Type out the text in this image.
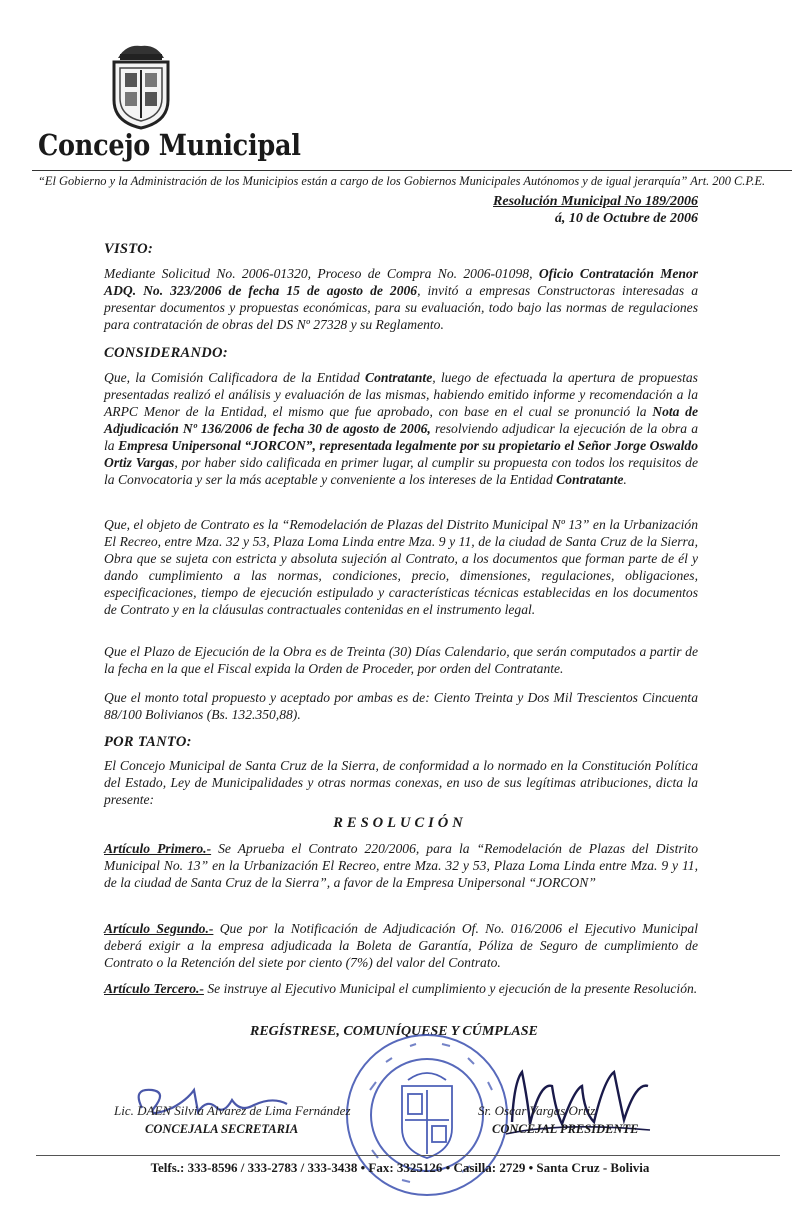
Concejo Municipal
“El Gobierno y la Administración de los Municipios están a cargo de los Gobiernos Municipales Autónomos y de igual jerarquía” Art. 200 C.P.E.
Resolución Municipal No 189/2006
á, 10 de Octubre de 2006
VISTO:
Mediante Solicitud No. 2006-01320, Proceso de Compra No. 2006-01098, Oficio Contratación Menor ADQ. No. 323/2006 de fecha 15 de agosto de 2006, invitó a empresas Constructoras interesadas a presentar documentos y propuestas económicas, para su evaluación, todo bajo las normas de regulaciones para contratación de obras del DS Nº 27328 y su Reglamento.
CONSIDERANDO:
Que, la Comisión Calificadora de la Entidad Contratante, luego de efectuada la apertura de propuestas presentadas realizó el análisis y evaluación de las mismas, habiendo emitido informe y recomendación a la ARPC Menor de la Entidad, el mismo que fue aprobado, con base en el cual se pronunció la Nota de Adjudicación Nº 136/2006 de fecha 30 de agosto de 2006, resolviendo adjudicar la ejecución de la obra a la Empresa Unipersonal “JORCON”, representada legalmente por su propietario el Señor Jorge Oswaldo Ortiz Vargas, por haber sido calificada en primer lugar, al cumplir su propuesta con todos los requisitos de la Convocatoria y ser la más aceptable y conveniente a los intereses de la Entidad Contratante.
Que, el objeto de Contrato es la “Remodelación de Plazas del Distrito Municipal Nº 13” en la Urbanización El Recreo, entre Mza. 32 y 53, Plaza Loma Linda entre Mza. 9 y 11, de la ciudad de Santa Cruz de la Sierra, Obra que se sujeta con estricta y absoluta sujeción al Contrato, a los documentos que forman parte de él y dando cumplimiento a las normas, condiciones, precio, dimensiones, regulaciones, obligaciones, especificaciones, tiempo de ejecución estipulado y características técnicas establecidas en los documentos de Contrato y en la cláusulas contractuales contenidas en el instrumento legal.
Que el Plazo de Ejecución de la Obra es de Treinta (30) Días Calendario, que serán computados a partir de la fecha en la que el Fiscal expida la Orden de Proceder, por orden del Contratante.
Que el monto total propuesto y aceptado por ambas es de: Ciento Treinta y Dos Mil Trescientos Cincuenta 88/100 Bolivianos (Bs. 132.350,88).
POR TANTO:
El Concejo Municipal de Santa Cruz de la Sierra, de conformidad a lo normado en la Constitución Política del Estado, Ley de Municipalidades y otras normas conexas, en uso de sus legítimas atribuciones, dicta la presente:
RESOLUCIÓN
Artículo Primero.- Se Aprueba el Contrato 220/2006, para la “Remodelación de Plazas del Distrito Municipal No. 13” en la Urbanización El Recreo, entre Mza. 32 y 53, Plaza Loma Linda entre Mza. 9 y 11, de la ciudad de Santa Cruz de la Sierra”, a favor de la Empresa Unipersonal “JORCON”
Artículo Segundo.- Que por la Notificación de Adjudicación Of. No. 016/2006 el Ejecutivo Municipal deberá exigir a la empresa adjudicada la Boleta de Garantía, Póliza de Seguro de cumplimiento de Contrato o la Retención del siete por ciento (7%) del valor del Contrato.
Artículo Tercero.- Se instruye al Ejecutivo Municipal el cumplimiento y ejecución de la presente Resolución.
REGÍSTRESE, COMUNÍQUESE Y CÚMPLASE
Lic. DAEN Silvia Alvarez de Lima Fernández
CONCEJALA SECRETARIA
Sr. Oscar Vargas Ortiz
CONCEJAL PRESIDENTE
Telfs.: 333-8596 / 333-2783 / 333-3438 • Fax: 3325126 • Casilla: 2729 • Santa Cruz - Bolivia
